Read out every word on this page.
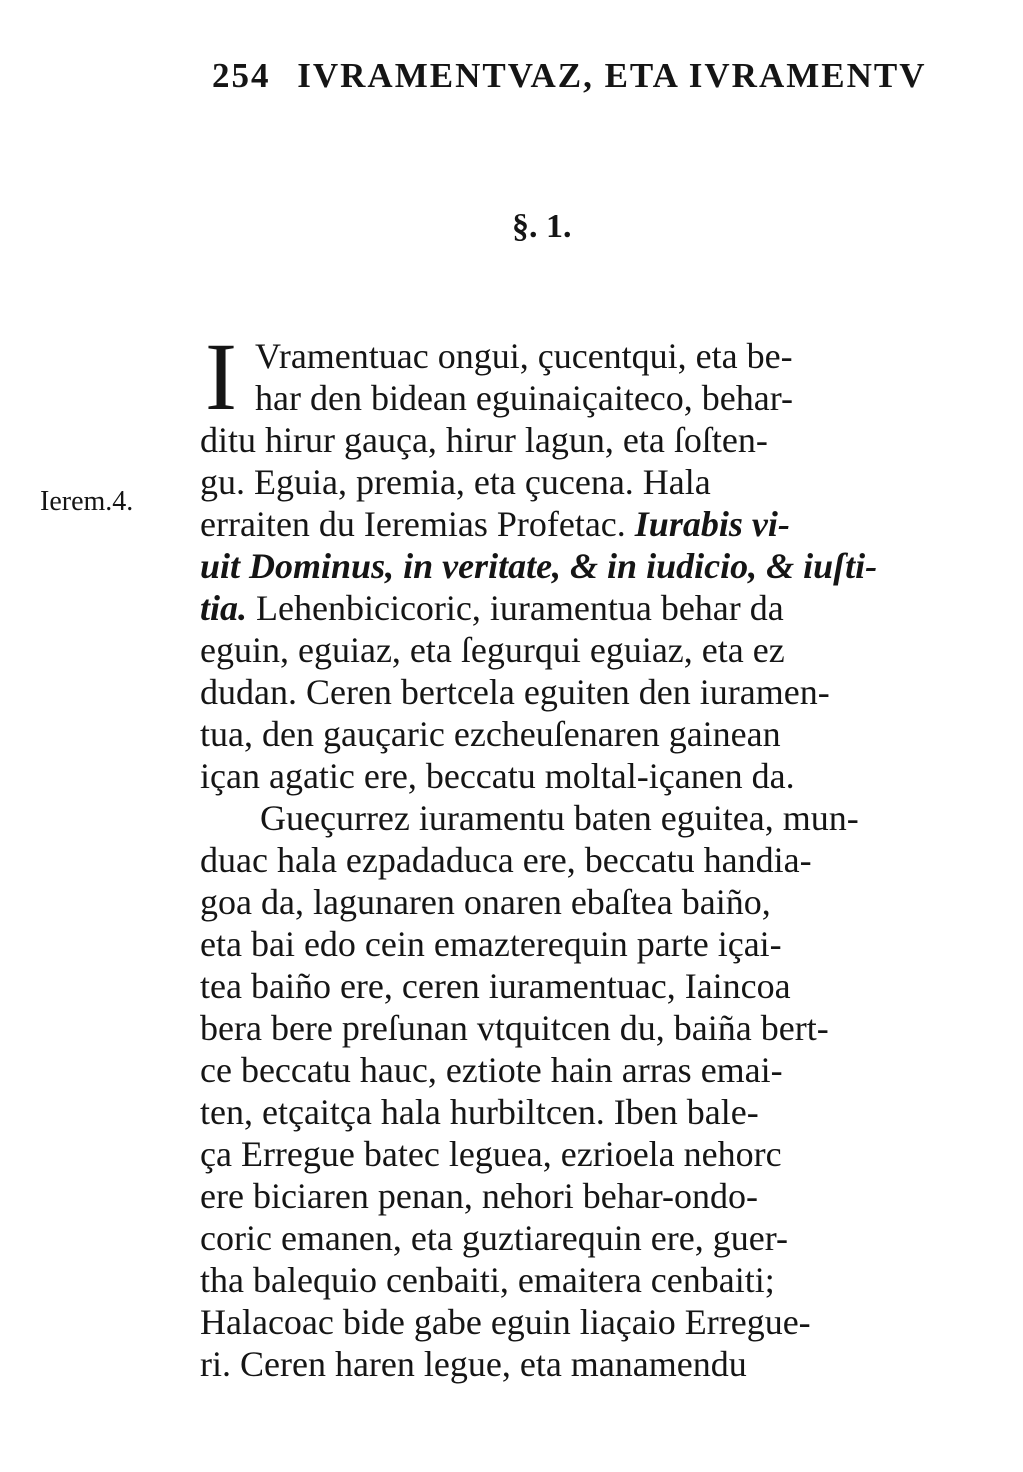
254 IVRAMENTVAZ, ETA IVRAMENTV
§. 1.
Ierem.4.
I Vramentuac ongui, çucentqui, eta be-
har den bidean eguinaiçaiteco, behar-
ditu hirur gauça, hirur lagun, eta ſoſten-
gu. Eguia, premia, eta çucena. Hala
erraiten du Ieremias Profetac. Iurabis vi-
uit Dominus, in veritate, & in iudicio, & iuſti-
tia. Lehenbicicoric, iuramentua behar da
eguin, eguiaz, eta ſegurqui eguiaz, eta ez
dudan. Ceren bertcela eguiten den iuramen-
tua, den gauçaric ezcheuſenaren gainean
içan agatic ere, beccatu moltal-içanen da.
Gueçurrez iuramentu baten eguitea, mun-
duac hala ezpadaduca ere, beccatu handia-
goa da, lagunaren onaren ebaſtea baiño,
eta bai edo cein emazterequin parte içai-
tea baiño ere, ceren iuramentuac, Iaincoa
bera bere preſunan vtquitcen du, baiña bert-
ce beccatu hauc, eztiote hain arras emai-
ten, etçaitça hala hurbiltcen. Iben bale-
ça Erregue batec leguea, ezrioela nehorc
ere biciaren penan, nehori behar-ondo-
coric emanen, eta guztiarequin ere, guer-
tha balequio cenbaiti, emaitera cenbaiti;
Halacoac bide gabe eguin liaçaio Erregue-
ri. Ceren haren legue, eta manamendu
